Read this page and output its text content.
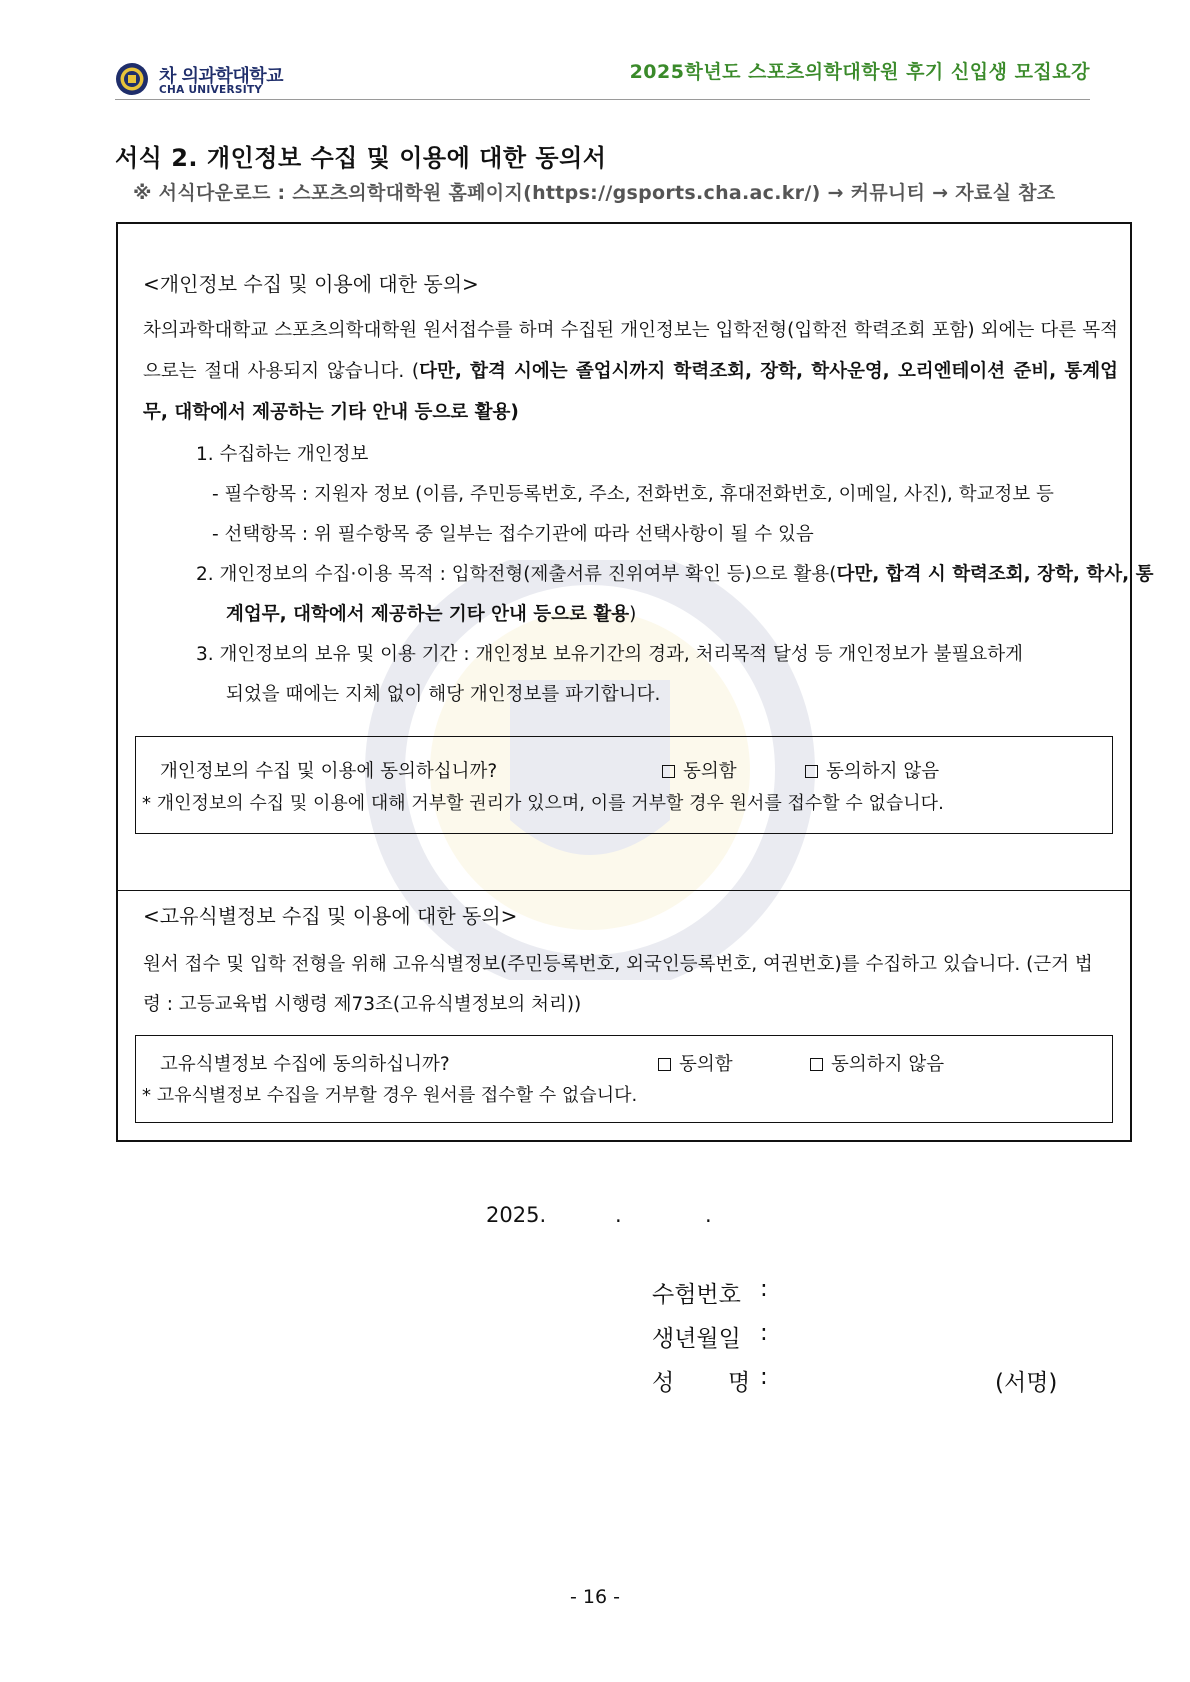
차 의과학대학교
CHA UNIVERSITY
2025학년도 스포츠의학대학원 후기 신입생 모집요강
서식 2. 개인정보 수집 및 이용에 대한 동의서
※ 서식다운로드 : 스포츠의학대학원 홈페이지(https://gsports.cha.ac.kr/) → 커뮤니티 → 자료실 참조
<개인정보 수집 및 이용에 대한 동의>
차의과학대학교 스포츠의학대학원 원서접수를 하며 수집된 개인정보는 입학전형(입학전 학력조회 포함) 외에는 다른 목적으로는 절대 사용되지 않습니다. (다만, 합격 시에는 졸업시까지 학력조회, 장학, 학사운영, 오리엔테이션 준비, 통계업무, 대학에서 제공하는 기타 안내 등으로 활용)
1. 수집하는 개인정보
- 필수항목 : 지원자 정보 (이름, 주민등록번호, 주소, 전화번호, 휴대전화번호, 이메일, 사진), 학교정보 등
- 선택항목 : 위 필수항목 중 일부는 접수기관에 따라 선택사항이 될 수 있음
2. 개인정보의 수집·이용 목적 : 입학전형(제출서류 진위여부 확인 등)으로 활용(다만, 합격 시 학력조회, 장학, 학사, 통
계업무, 대학에서 제공하는 기타 안내 등으로 활용)
3. 개인정보의 보유 및 이용 기간 : 개인정보 보유기간의 경과, 처리목적 달성 등 개인정보가 불필요하게
되었을 때에는 지체 없이 해당 개인정보를 파기합니다.
개인정보의 수집 및 이용에 동의하십니까?	동의함	동의하지 않음
* 개인정보의 수집 및 이용에 대해 거부할 권리가 있으며, 이를 거부할 경우 원서를 접수할 수 없습니다.
<고유식별정보 수집 및 이용에 대한 동의>
원서 접수 및 입학 전형을 위해 고유식별정보(주민등록번호, 외국인등록번호, 여권번호)를 수집하고 있습니다. (근거 법
령 : 고등교육법 시행령 제73조(고유식별정보의 처리))
고유식별정보 수집에 동의하십니까?	동의함	동의하지 않음
* 고유식별정보 수집을 거부할 경우 원서를 접수할 수 없습니다.
2025.	.	.
수험번호 :
생년월일 :
성 명 :	(서명)
- 16 -
